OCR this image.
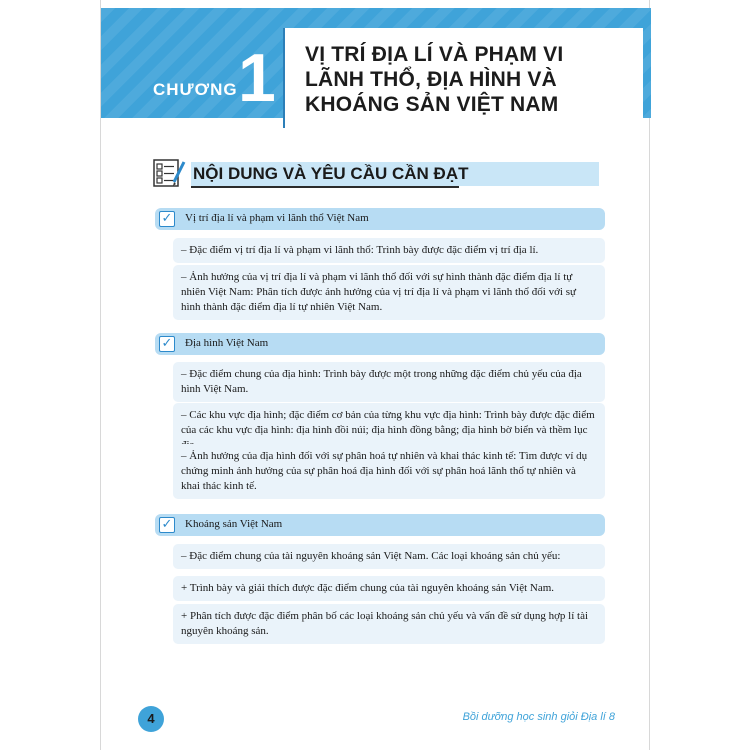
CHƯƠNG 1 VỊ TRÍ ĐỊA LÍ VÀ PHẠM VI
LÃNH THỔ, ĐỊA HÌNH VÀ
KHOÁNG SẢN VIỆT NAM
NỘI DUNG VÀ YÊU CẦU CẦN ĐẠT
✓ Vị trí địa lí và phạm vi lãnh thổ Việt Nam
– Đặc điểm vị trí địa lí và phạm vi lãnh thổ: Trình bày được đặc điểm vị trí địa lí.
– Ảnh hưởng của vị trí địa lí và phạm vi lãnh thổ đối với sự hình thành đặc điểm địa lí tự nhiên Việt Nam: Phân tích được ảnh hưởng của vị trí địa lí và phạm vi lãnh thổ đối với sự hình thành đặc điểm địa lí tự nhiên Việt Nam.
✓ Địa hình Việt Nam
– Đặc điểm chung của địa hình: Trình bày được một trong những đặc điểm chủ yếu của địa hình Việt Nam.
– Các khu vực địa hình; đặc điểm cơ bản của từng khu vực địa hình: Trình bày được đặc điểm của các khu vực địa hình: địa hình đồi núi; địa hình đồng bằng; địa hình bờ biển và thềm lục
– Ảnh hưởng của địa hình đối với sự phân hoá tự nhiên và khai thác kinh tế: Tìm được ví dụ chứng minh ảnh hưởng của sự phân hoá địa hình đối với sự phân hoá lãnh thổ tự nhiên và khai thác kinh tế.
✓ Khoáng sản Việt Nam
– Đặc điểm chung của tài nguyên khoáng sản Việt Nam. Các loại khoáng sản chủ yếu:
+ Trình bày và giải thích được đặc điểm chung của tài nguyên khoáng sản Việt Nam.
+ Phân tích được đặc điểm phân bố các loại khoáng sản chủ yếu và vấn đề sử dụng hợp lí tài nguyên khoáng sản.
4	Bồi dưỡng học sinh giỏi Địa lí 8
